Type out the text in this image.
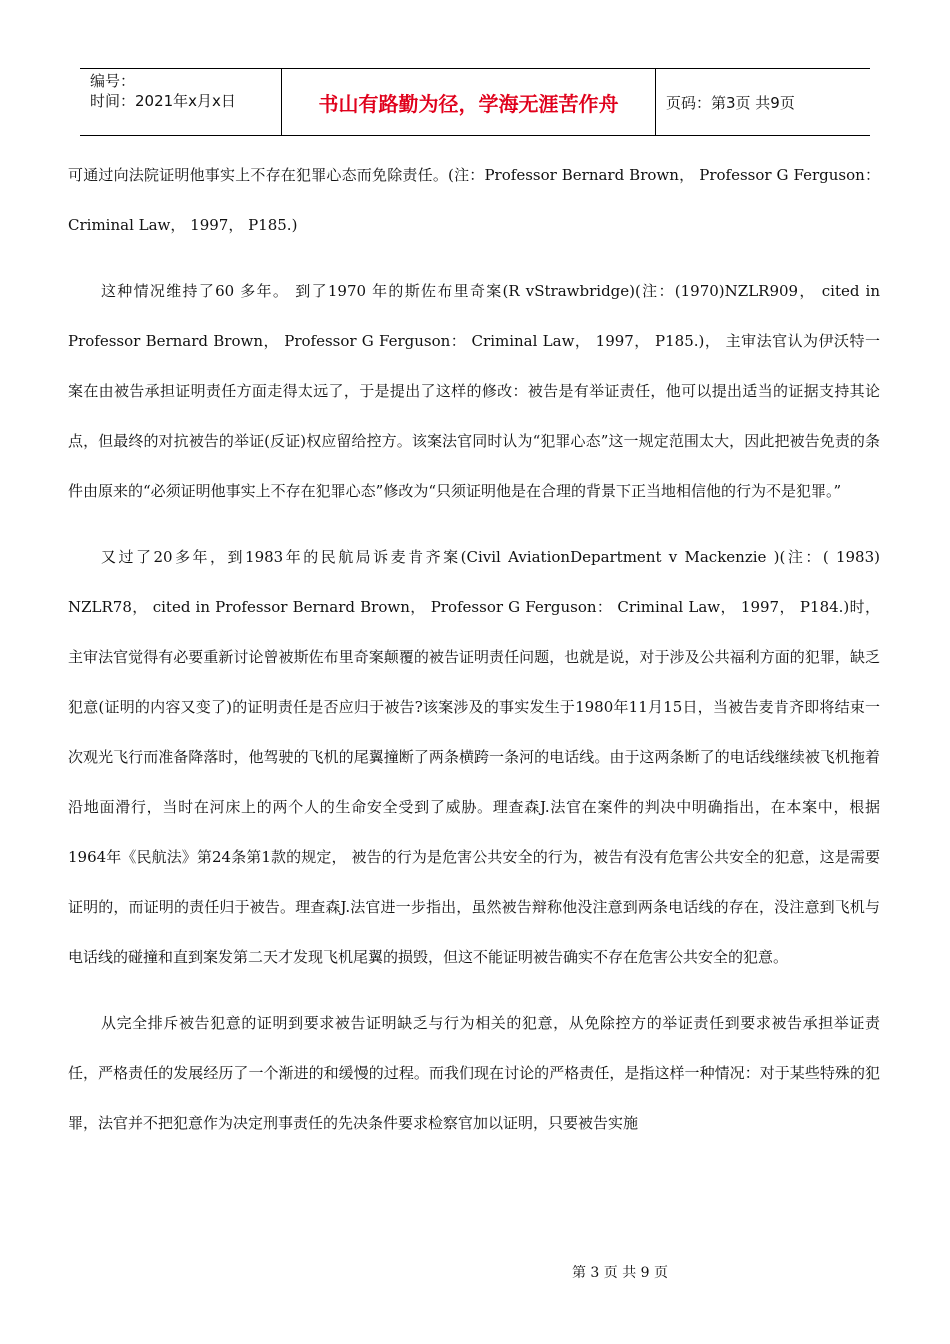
编号：
时间：2021年x月x日	书山有路勤为径，学海无涯苦作舟	页码：第3页 共9页

可通过向法院证明他事实上不存在犯罪心态而免除责任。(注：Professor Bernard Brown， Professor G Ferguson： Criminal Law， 1997， P185.)

这种情况维持了60 多年。 到了1970 年的斯佐布里奇案(R vStrawbridge)(注：(1970)NZLR909， cited in Professor Bernard Brown， Professor G Ferguson： Criminal Law， 1997， P185.)， 主审法官认为伊沃特一案在由被告承担证明责任方面走得太远了，于是提出了这样的修改：被告是有举证责任，他可以提出适当的证据支持其论点，但最终的对抗被告的举证(反证)权应留给控方。该案法官同时认为“犯罪心态”这一规定范围太大，因此把被告免责的条件由原来的“必须证明他事实上不存在犯罪心态”修改为“只须证明他是在合理的背景下正当地相信他的行为不是犯罪。”

又过了20多年，到1983年的民航局诉麦肯齐案(Civil AviationDepartment v Mackenzie )(注：( 1983) NZLR78， cited in Professor Bernard Brown， Professor G Ferguson： Criminal Law， 1997， P184.)时，主审法官觉得有必要重新讨论曾被斯佐布里奇案颠覆的被告证明责任问题，也就是说，对于涉及公共福利方面的犯罪，缺乏犯意(证明的内容又变了)的证明责任是否应归于被告?该案涉及的事实发生于1980年11月15日，当被告麦肯齐即将结束一次观光飞行而准备降落时，他驾驶的飞机的尾翼撞断了两条横跨一条河的电话线。由于这两条断了的电话线继续被飞机拖着沿地面滑行，当时在河床上的两个人的生命安全受到了威胁。理查森J.法官在案件的判决中明确指出，在本案中，根据1964年《民航法》第24条第1款的规定， 被告的行为是危害公共安全的行为，被告有没有危害公共安全的犯意，这是需要证明的，而证明的责任归于被告。理查森J.法官进一步指出，虽然被告辩称他没注意到两条电话线的存在，没注意到飞机与电话线的碰撞和直到案发第二天才发现飞机尾翼的损毁，但这不能证明被告确实不存在危害公共安全的犯意。

从完全排斥被告犯意的证明到要求被告证明缺乏与行为相关的犯意，从免除控方的举证责任到要求被告承担举证责任，严格责任的发展经历了一个渐进的和缓慢的过程。而我们现在讨论的严格责任，是指这样一种情况：对于某些特殊的犯罪，法官并不把犯意作为决定刑事责任的先决条件要求检察官加以证明，只要被告实施

第 3 页 共 9 页
